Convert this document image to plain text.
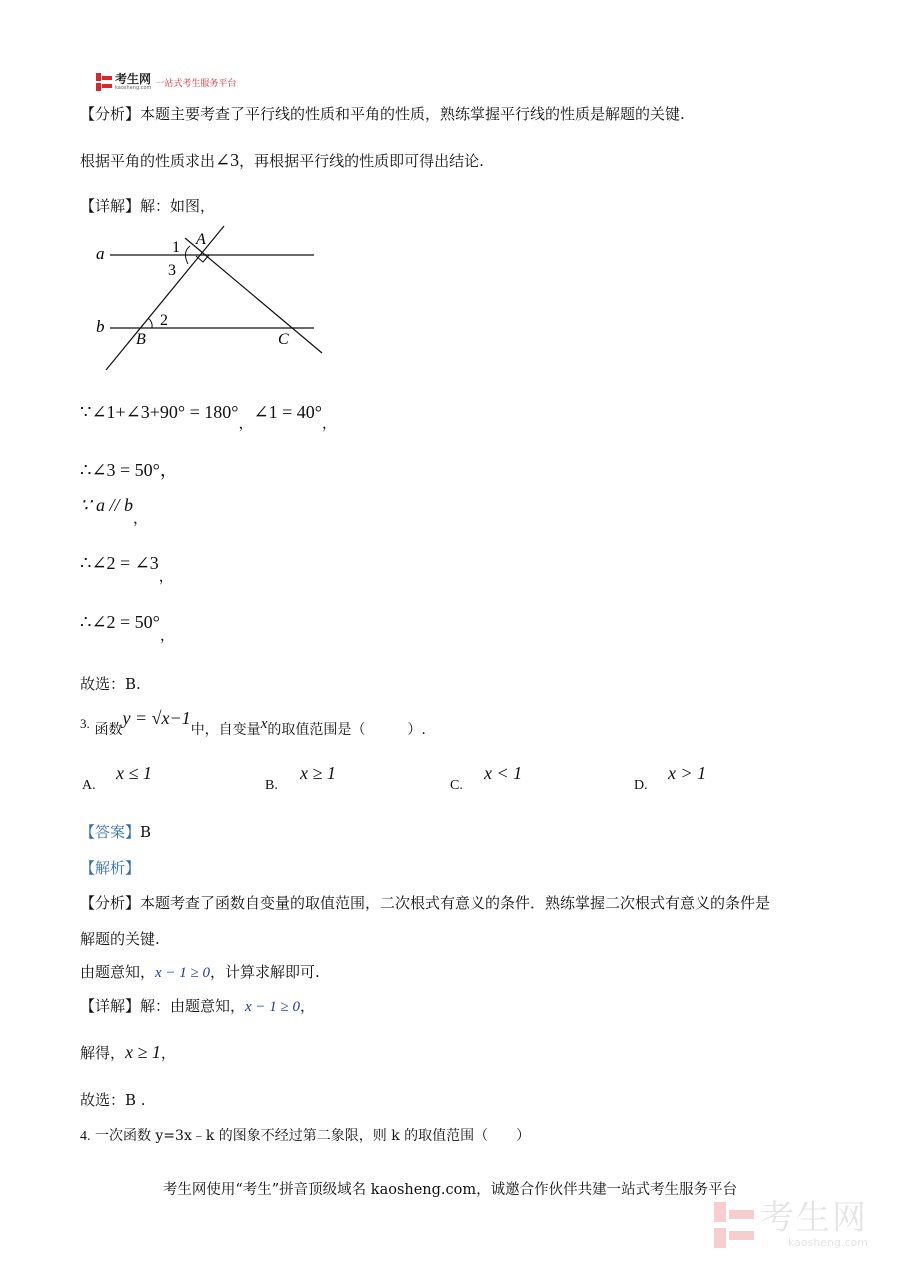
考生网
kaosheng.com 一站式考生服务平台
【分析】本题主要考查了平行线的性质和平角的性质，熟练掌握平行线的性质是解题的关键.
根据平角的性质求出∠3，再根据平行线的性质即可得出结论.
【详解】解：如图，
a
b
1
3
2
A
B	C
∵∠1+∠3+90° = 180°，∠1 = 40°，
∴∠3 = 50°，
∵ a // b，
∴∠2 = ∠3，
∴∠2 = 50°，
故选：B.
3. 函数y = √x−1中，自变量x的取值范围是（　　　）.
A.
x ≤ 1
B.
x ≥ 1
C.
x < 1
D.
x > 1
【答案】B
【解析】
【分析】本题考查了函数自变量的取值范围，二次根式有意义的条件．熟练掌握二次根式有意义的条件是
解题的关键.
由题意知，x − 1 ≥ 0，计算求解即可.
【详解】解：由题意知，x − 1 ≥ 0，
解得，x ≥ 1，
故选：B .
4. 一次函数 y=3x﹣k 的图象不经过第二象限，则 k 的取值范围（　　）
考生网使用“考生”拼音顶级域名 kaosheng.com，诚邀合作伙伴共建一站式考生服务平台
考生网
kaosheng.com
